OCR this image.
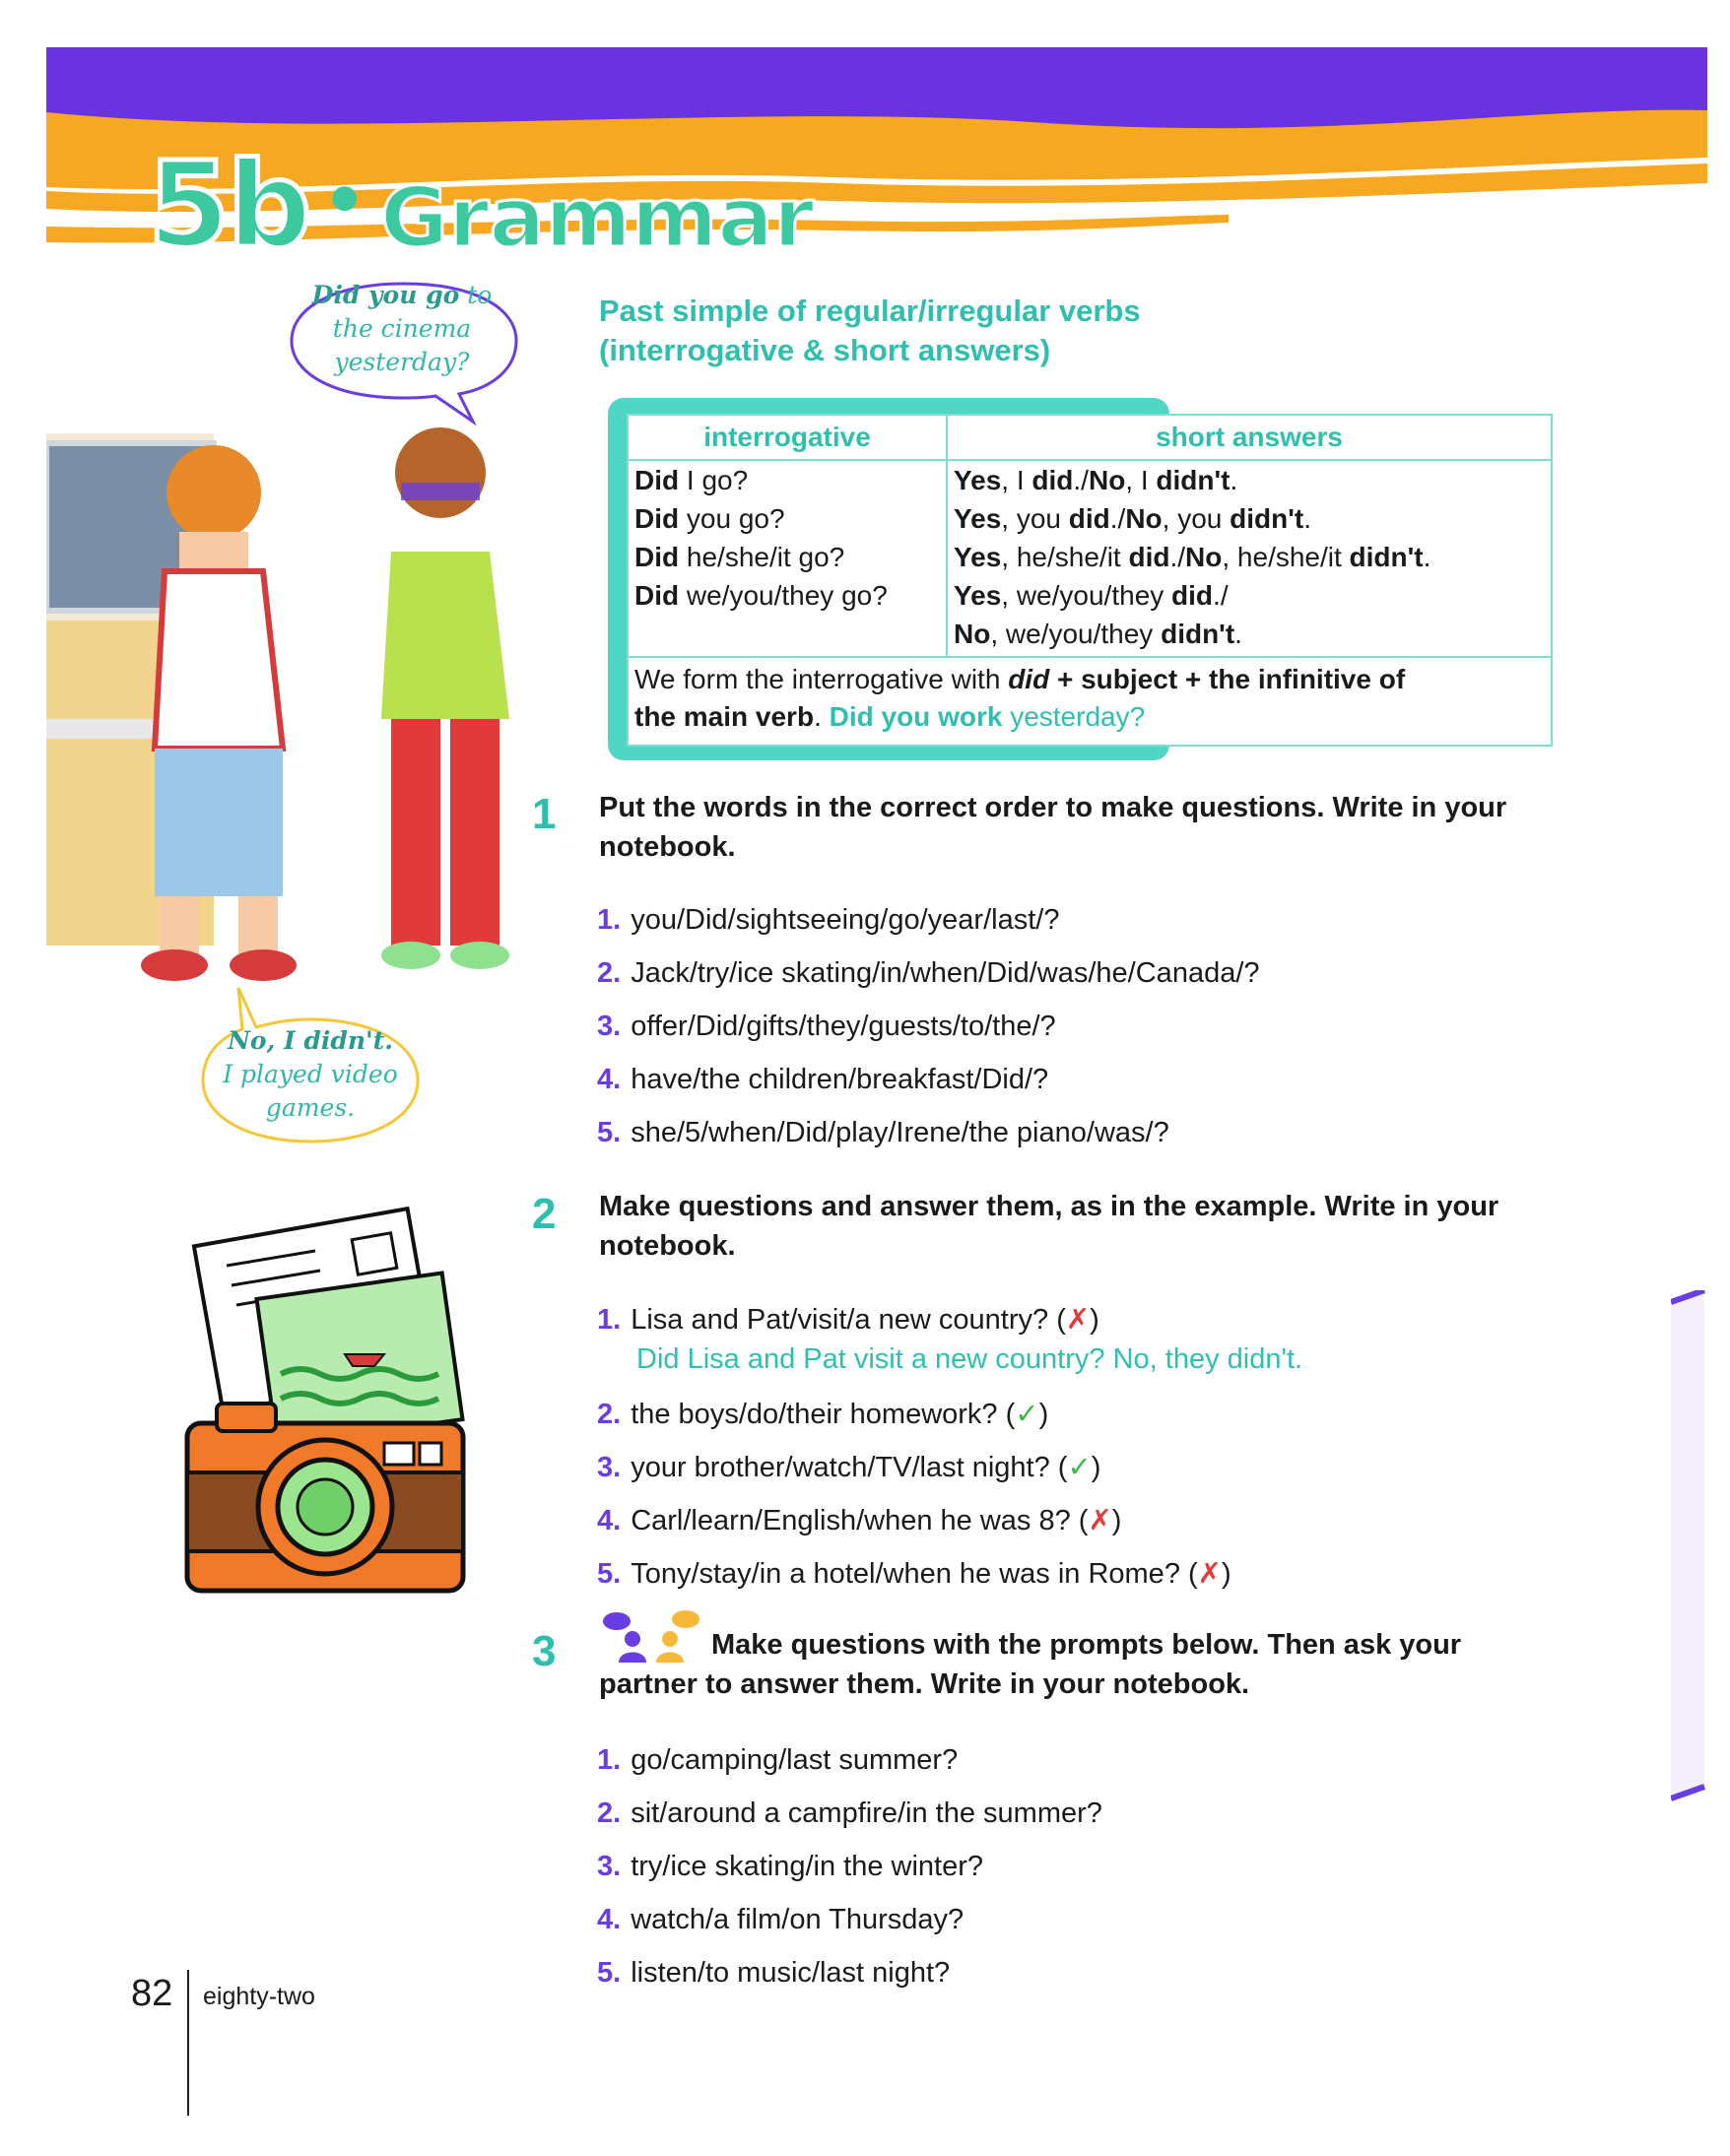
5b • Grammar
Did you go to
the cinema
yesterday?
No, I didn't.
I played video
games.
Past simple of regular/irregular verbs
(interrogative & short answers)
interrogative	short answers
Did I go?
Did you go?
Did he/she/it go?
Did we/you/they go?
Yes, I did./No, I didn't.
Yes, you did./No, you didn't.
Yes, he/she/it did./No, he/she/it didn't.
Yes, we/you/they did./
No, we/you/they didn't.
We form the interrogative with did + subject + the infinitive of
the main verb. Did you work yesterday?
1 Put the words in the correct order to make questions. Write in your notebook.
1. you/Did/sightseeing/go/year/last/?
2. Jack/try/ice skating/in/when/Did/was/he/Canada/?
3. offer/Did/gifts/they/guests/to/the/?
4. have/the children/breakfast/Did/?
5. she/5/when/Did/play/Irene/the piano/was/?
2 Make questions and answer them, as in the example. Write in your notebook.
1. Lisa and Pat/visit/a new country? (✗)
Did Lisa and Pat visit a new country? No, they didn't.
2. the boys/do/their homework? (✓)
3. your brother/watch/TV/last night? (✓)
4. Carl/learn/English/when he was 8? (✗)
5. Tony/stay/in a hotel/when he was in Rome? (✗)
3	Make questions with the prompts below. Then ask your
partner to answer them. Write in your notebook.
1. go/camping/last summer?
2. sit/around a campfire/in the summer?
3. try/ice skating/in the winter?
4. watch/a film/on Thursday?
5. listen/to music/last night?
82 eighty-two
